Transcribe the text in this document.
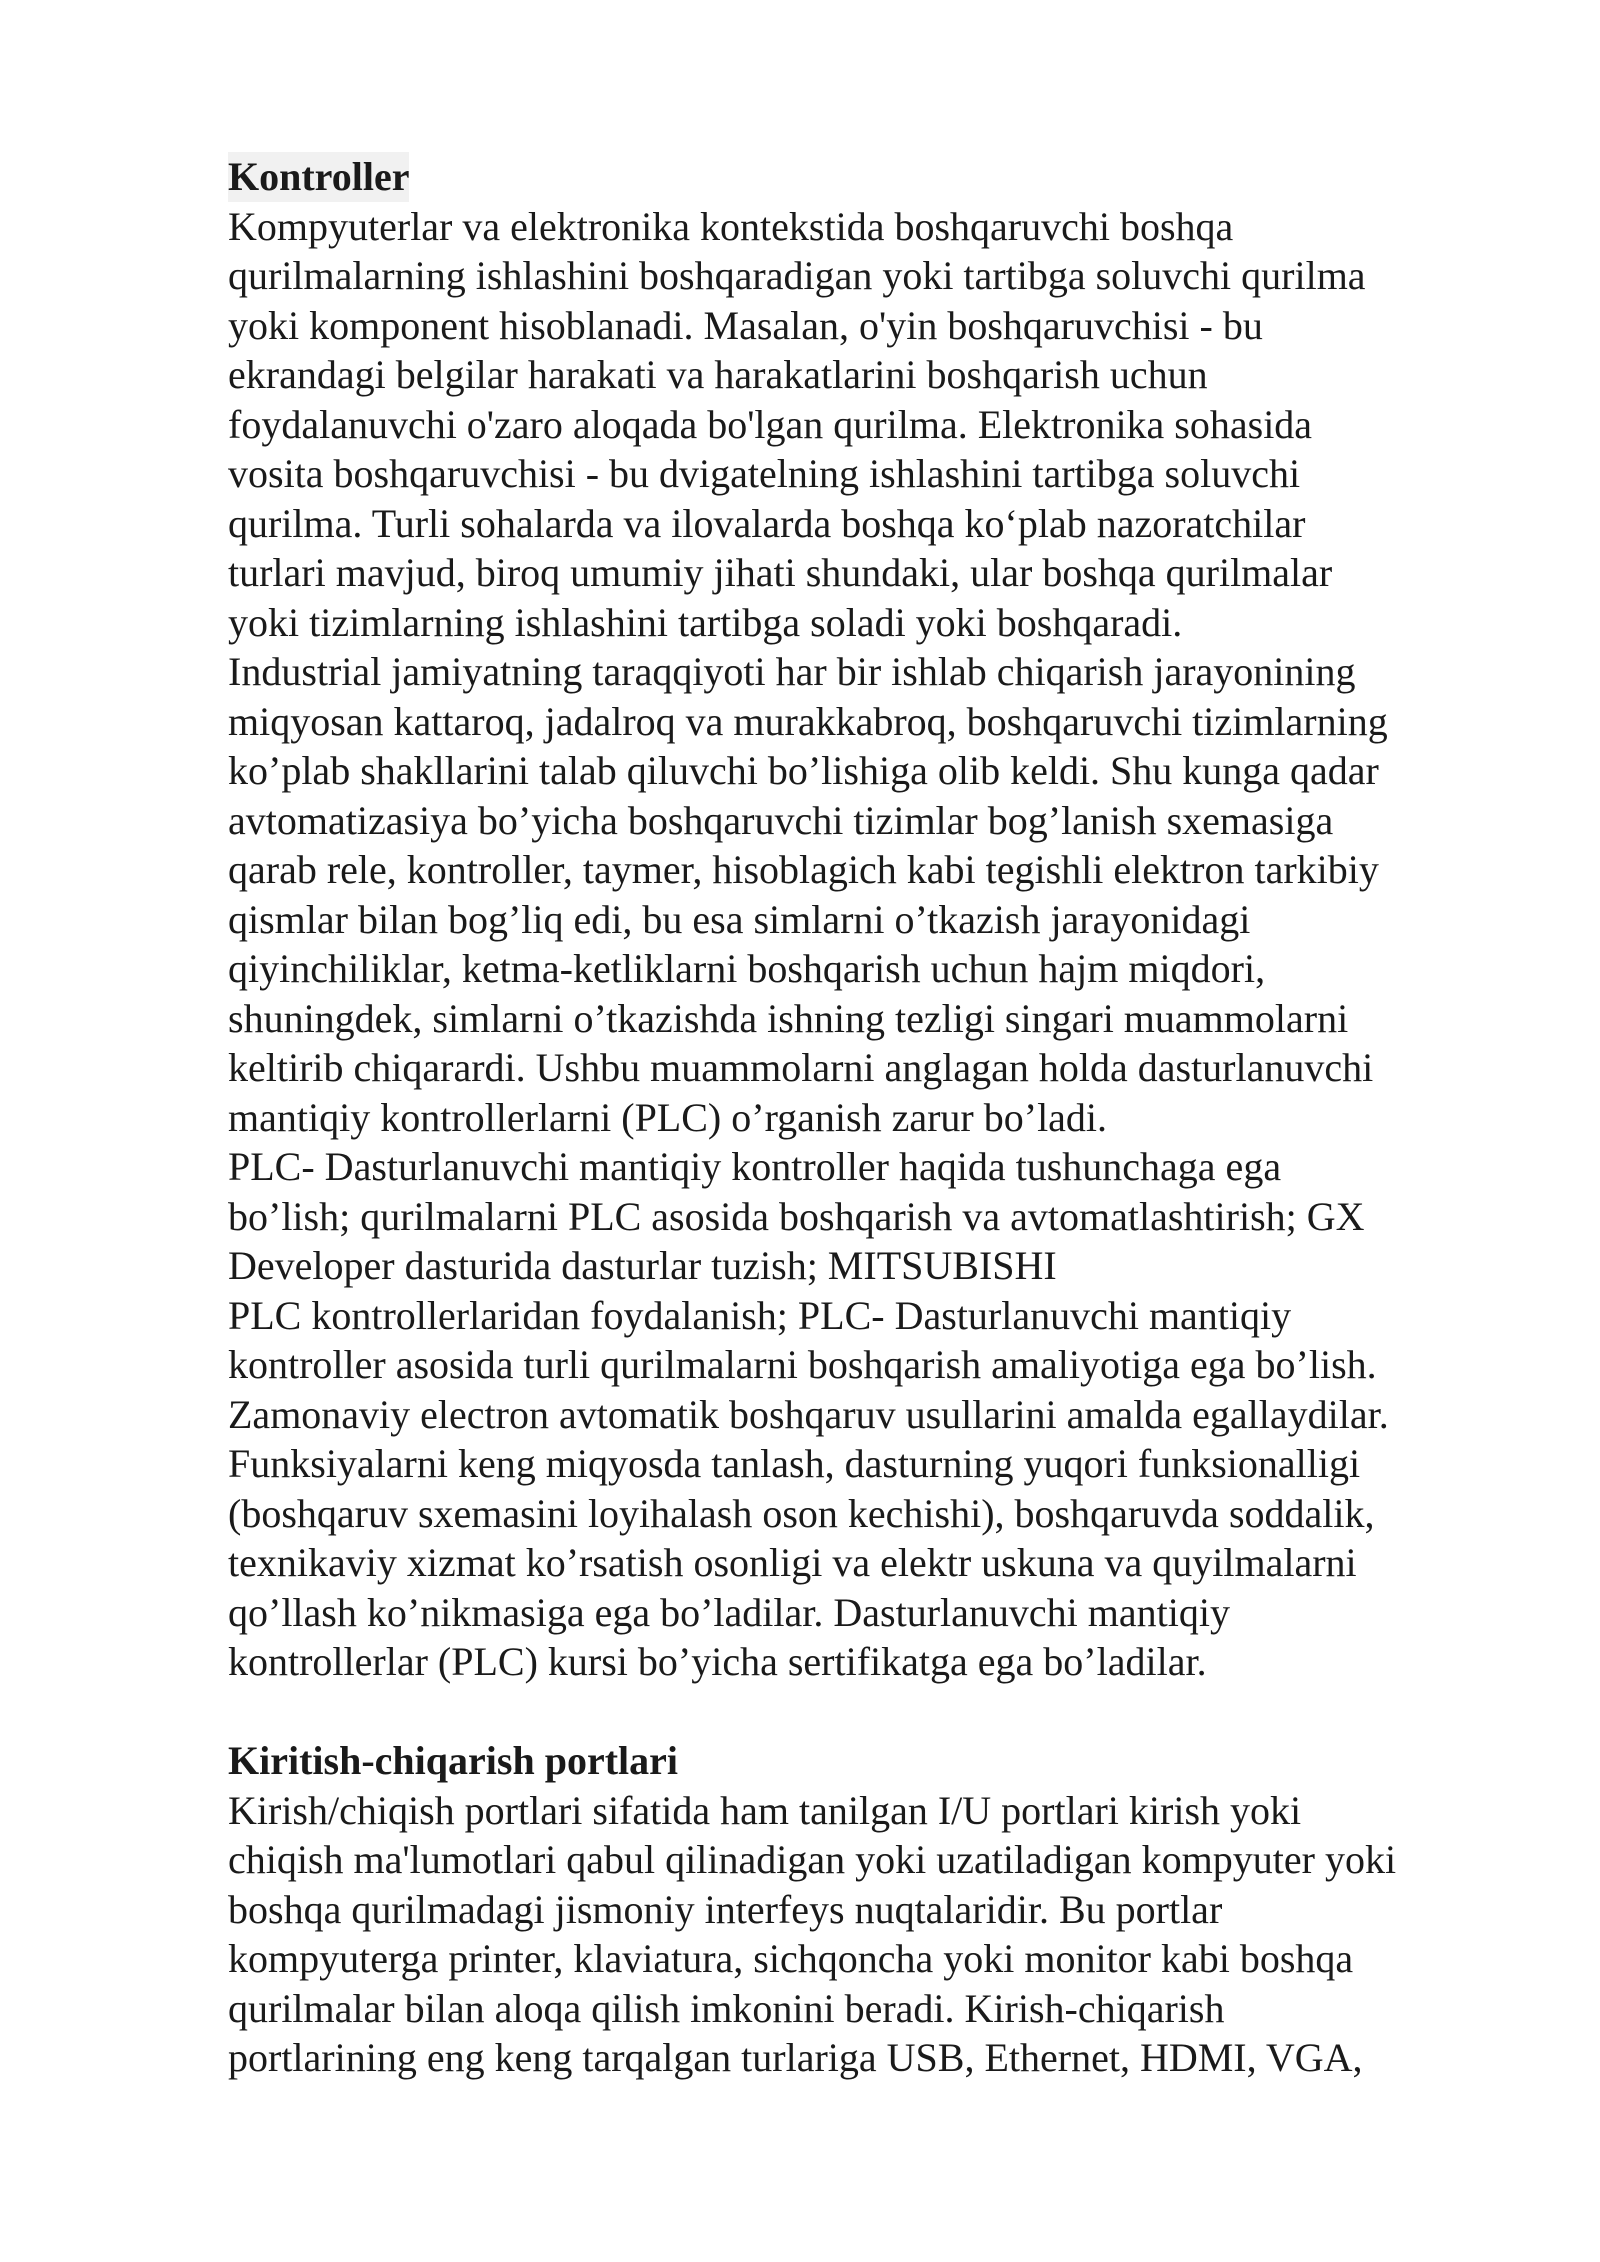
Kontroller

Kompyuterlar va elektronika kontekstida boshqaruvchi boshqa
qurilmalarning ishlashini boshqaradigan yoki tartibga soluvchi qurilma
yoki komponent hisoblanadi. Masalan, o'yin boshqaruvchisi - bu
ekrandagi belgilar harakati va harakatlarini boshqarish uchun
foydalanuvchi o'zaro aloqada bo'lgan qurilma. Elektronika sohasida
vosita boshqaruvchisi - bu dvigatelning ishlashini tartibga soluvchi
qurilma. Turli sohalarda va ilovalarda boshqa koʻplab nazoratchilar
turlari mavjud, biroq umumiy jihati shundaki, ular boshqa qurilmalar
yoki tizimlarning ishlashini tartibga soladi yoki boshqaradi.

Industrial jamiyatning taraqqiyoti har bir ishlab chiqarish jarayonining
miqyosan kattaroq, jadalroq va murakkabroq, boshqaruvchi tizimlarning
ko’plab shakllarini talab qiluvchi bo’lishiga olib keldi. Shu kunga qadar
avtomatizasiya bo’yicha boshqaruvchi tizimlar bog’lanish sxemasiga
qarab rele, kontroller, taymer, hisoblagich kabi tegishli elektron tarkibiy
qismlar bilan bog’liq edi, bu esa simlarni o’tkazish jarayonidagi
qiyinchiliklar, ketma-ketliklarni boshqarish uchun hajm miqdori,
shuningdek, simlarni o’tkazishda ishning tezligi singari muammolarni
keltirib chiqarardi. Ushbu muammolarni anglagan holda dasturlanuvchi
mantiqiy kontrollerlarni (PLC) o’rganish zarur bo’ladi.

PLC- Dasturlanuvchi mantiqiy kontroller haqida tushunchaga ega
bo’lish; qurilmalarni PLC asosida boshqarish va avtomatlashtirish; GX
Developer dasturida dasturlar tuzish; MITSUBISHI
PLC kontrollerlaridan foydalanish; PLC- Dasturlanuvchi mantiqiy
kontroller asosida turli qurilmalarni boshqarish amaliyotiga ega bo’lish.
Zamonaviy electron avtomatik boshqaruv usullarini amalda egallaydilar.
Funksiyalarni keng miqyosda tanlash, dasturning yuqori funksionalligi
(boshqaruv sxemasini loyihalash oson kechishi), boshqaruvda soddalik,
texnikaviy xizmat ko’rsatish osonligi va elektr uskuna va quyilmalarni
qo’llash ko’nikmasiga ega bo’ladilar. Dasturlanuvchi mantiqiy
kontrollerlar (PLC) kursi bo’yicha sertifikatga ega bo’ladilar.

Kiritish-chiqarish portlari

Kirish/chiqish portlari sifatida ham tanilgan I/U portlari kirish yoki
chiqish ma'lumotlari qabul qilinadigan yoki uzatiladigan kompyuter yoki
boshqa qurilmadagi jismoniy interfeys nuqtalaridir. Bu portlar
kompyuterga printer, klaviatura, sichqoncha yoki monitor kabi boshqa
qurilmalar bilan aloqa qilish imkonini beradi. Kirish-chiqarish
portlarining eng keng tarqalgan turlariga USB, Ethernet, HDMI, VGA,
